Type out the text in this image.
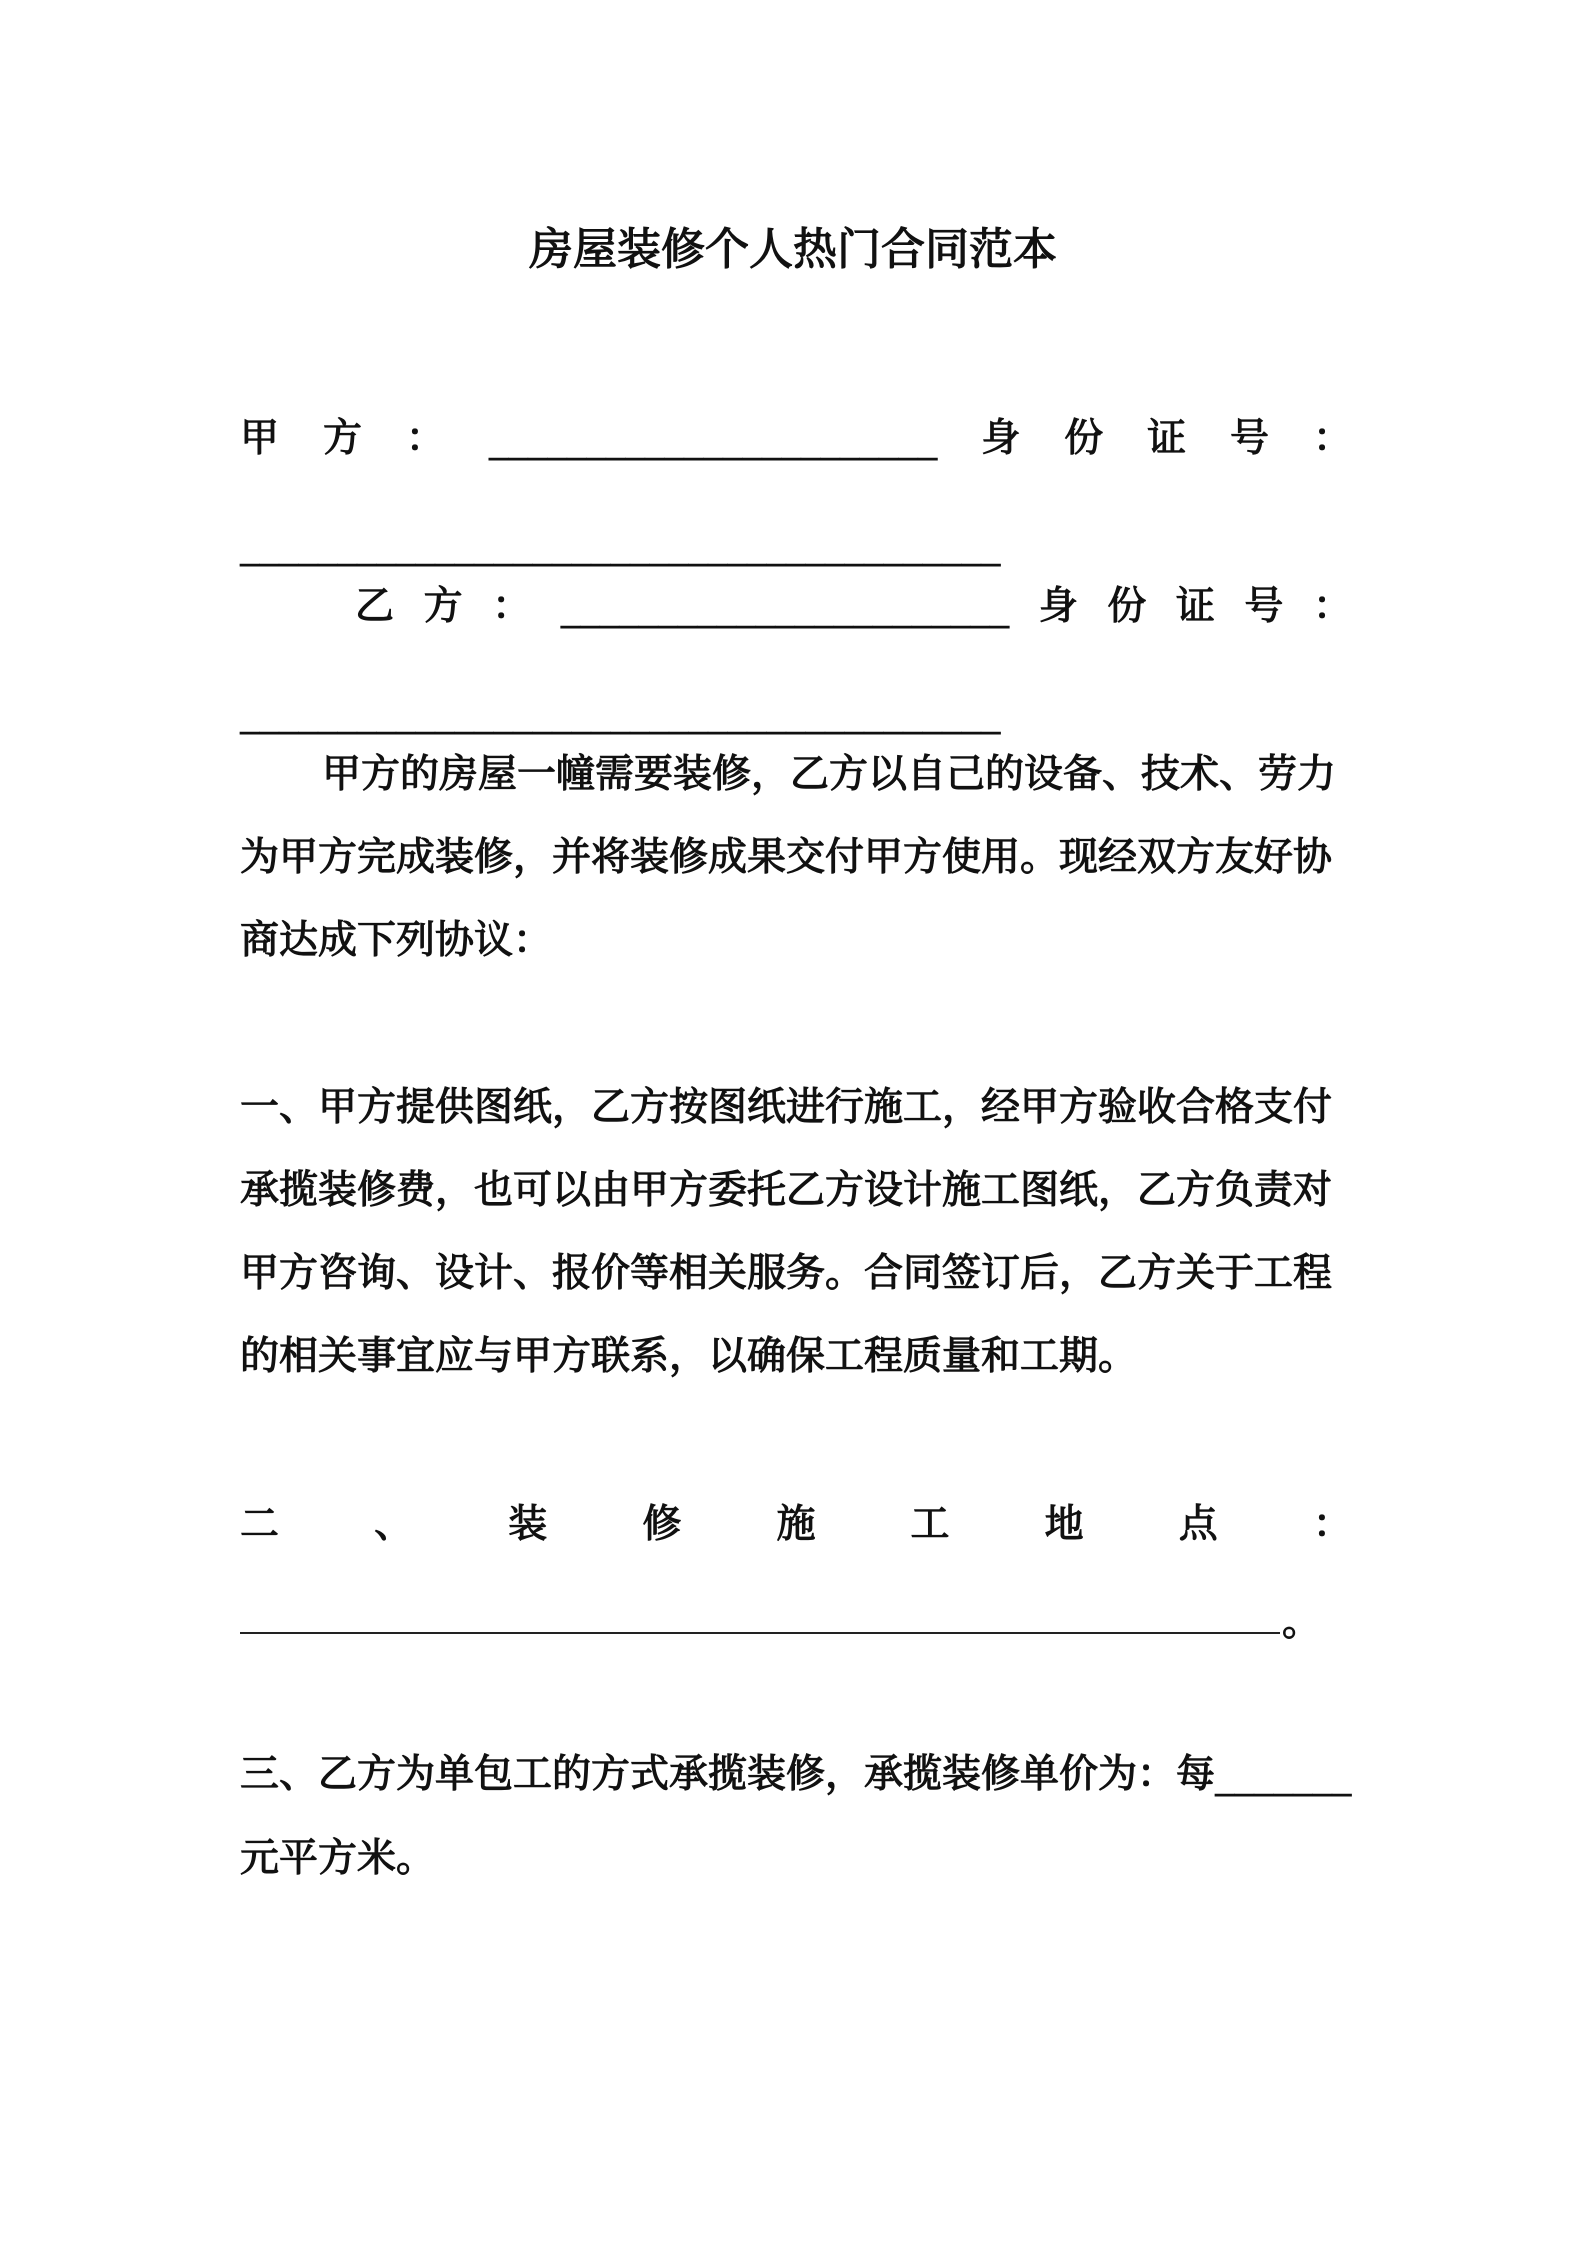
房屋装修个人热门合同范本
甲 方 ： _______________________ 身 份 证 号 ：
_______________________________________
乙 方 ： _______________________ 身 份 证 号 ：
_______________________________________
甲方的房屋一幢需要装修，乙方以自己的设备、技术、劳力
为甲方完成装修，并将装修成果交付甲方使用。现经双方友好协
商达成下列协议：
一、甲方提供图纸，乙方按图纸进行施工，经甲方验收合格支付
承揽装修费，也可以由甲方委托乙方设计施工图纸，乙方负责对
甲方咨询、设计、报价等相关服务。合同签订后，乙方关于工程
的相关事宜应与甲方联系，以确保工程质量和工期。
二 、 装 修 施 工 地 点 ：
。
三、乙方为单包工的方式承揽装修，承揽装修单价为：每_______
元平方米。
